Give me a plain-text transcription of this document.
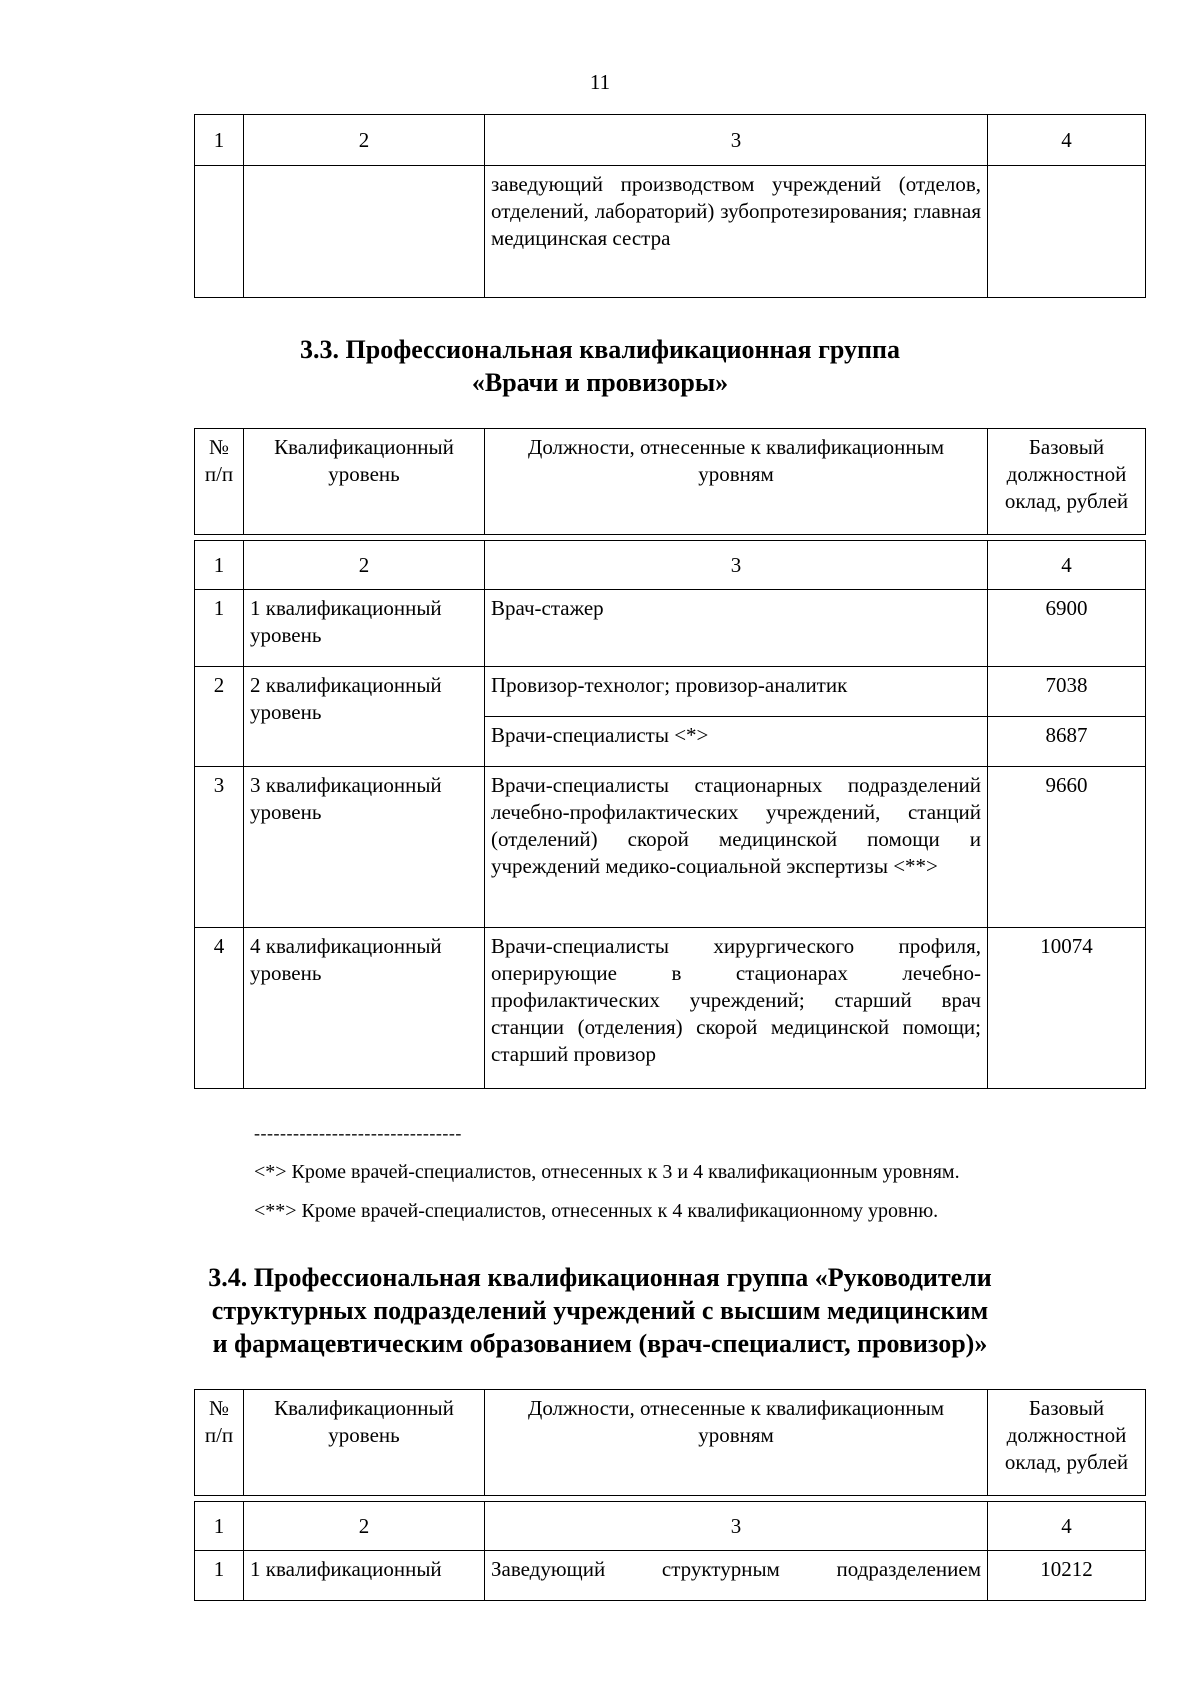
11
1	2	3	4
		заведующий производством учреждений (отделов, отделений, лабораторий) зубопротезирования; главная медицинская сестра	
3.3. Профессиональная квалификационная группа
«Врачи и провизоры»
№ п/п	Квалификационный уровень	Должности, отнесенные к квалификационным уровням	Базовый должностной оклад, рублей
1	2	3	4
1	1 квалификационный уровень	Врач-стажер	6900
2	2 квалификационный уровень	Провизор-технолог; провизор-аналитик	7038
		Врачи-специалисты <*>	8687
3	3 квалификационный уровень	Врачи-специалисты стационарных подразделений лечебно-профилактических учреждений, станций (отделений) скорой медицинской помощи и учреждений медико-социальной экспертизы <**>	9660
4	4 квалификационный уровень	Врачи-специалисты хирургического профиля, оперирующие в стационарах лечебно-профилактических учреждений; старший врач станции (отделения) скорой медицинской помощи; старший провизор	10074
--------------------------------
<*> Кроме врачей-специалистов, отнесенных к 3 и 4 квалификационным уровням.
<**> Кроме врачей-специалистов, отнесенных к 4 квалификационному уровню.
3.4. Профессиональная квалификационная группа «Руководители
структурных подразделений учреждений с высшим медицинским
и фармацевтическим образованием (врач-специалист, провизор)»
№ п/п	Квалификационный уровень	Должности, отнесенные к квалификационным уровням	Базовый должностной оклад, рублей
1	2	3	4
1	1 квалификационный	Заведующий структурным подразделением	10212
